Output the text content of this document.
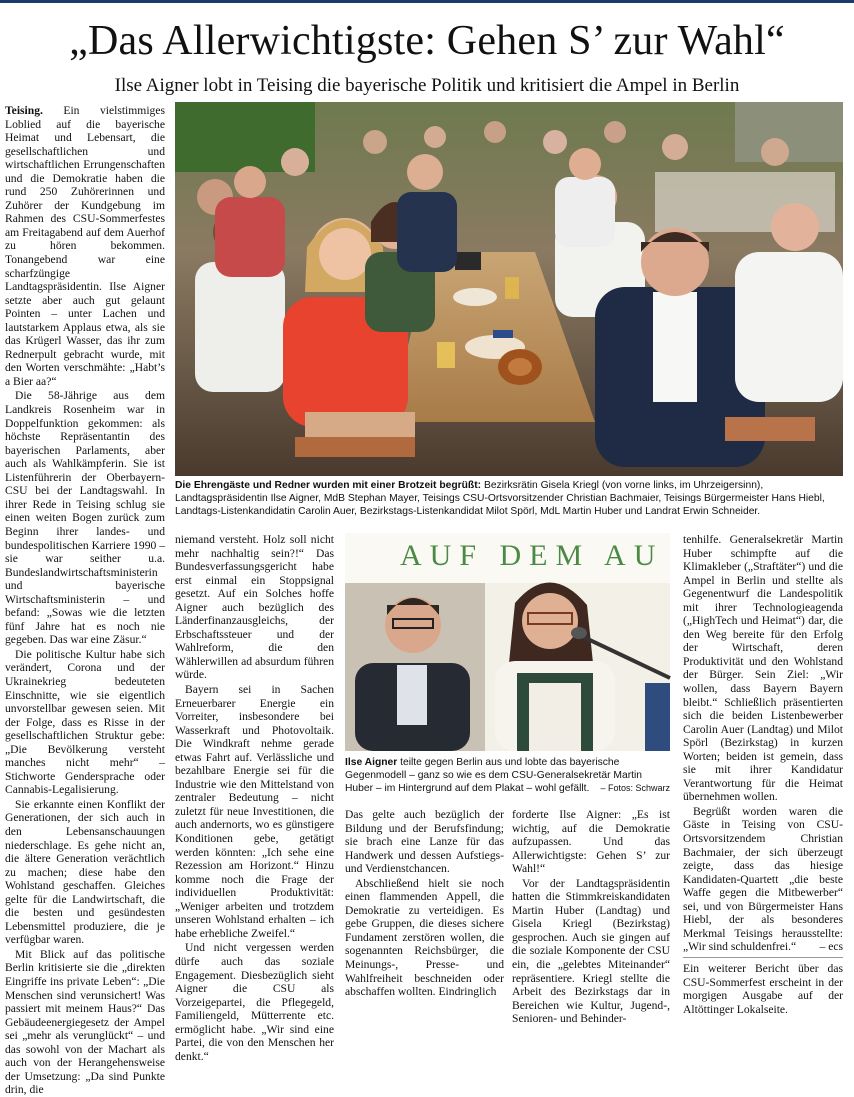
„Das Allerwichtigste: Gehen S’ zur Wahl“
Ilse Aigner lobt in Teising die bayerische Politik und kritisiert die Ampel in Berlin

Teising. Ein vielstimmiges Loblied auf die bayerische Heimat und Lebensart, die gesellschaftlichen und wirtschaftlichen Errungenschaften und die Demokratie haben die rund 250 Zuhörerinnen und Zuhörer der Kundgebung im Rahmen des CSU-Sommerfestes am Freitagabend auf dem Auerhof zu hören bekommen. Tonangebend war eine scharfzüngige Landtagspräsidentin. Ilse Aigner setzte aber auch gut gelaunt Pointen – unter Lachen und lautstarkem Applaus etwa, als sie das Krügerl Wasser, das ihr zum Rednerpult gebracht wurde, mit den Worten verschmähte: „Habt’s a Bier aa?“

Die 58-Jährige aus dem Landkreis Rosenheim war in Doppelfunktion gekommen: als höchste Repräsentantin des bayerischen Parlaments, aber auch als Wahlkämpferin. Sie ist Listenführerin der Oberbayern-CSU bei der Landtagswahl. In ihrer Rede in Teising schlug sie einen weiten Bogen zurück zum Beginn ihrer landes- und bundespolitischen Karriere 1990 – sie war seither u.a. Bundeslandwirtschaftsministerin und bayerische Wirtschaftsministerin – und befand: „Sowas wie die letzten fünf Jahre hat es noch nie gegeben. Das war eine Zäsur.“

Die politische Kultur habe sich verändert, Corona und der Ukrainekrieg bedeuteten Einschnitte, wie sie eigentlich unvorstellbar gewesen seien. Mit der Folge, dass es Risse in der gesellschaftlichen Struktur gebe: „Die Bevölkerung versteht manches nicht mehr“ – Stichworte Gendersprache oder Cannabis-Legalisierung.

Sie erkannte einen Konflikt der Generationen, der sich auch in den Lebensanschauungen niederschlage. Es gehe nicht an, die ältere Generation verächtlich zu machen; diese habe den Wohlstand geschaffen. Gleiches gelte für die Landwirtschaft, die die besten und gesündesten Lebensmittel produziere, die je verfügbar waren.

Mit Blick auf das politische Berlin kritisierte sie die „direkten Eingriffe ins private Leben“: „Die Menschen sind verunsichert! Was passiert mit meinem Haus?“ Das Gebäudeenergiegesetz der Ampel sei „mehr als verunglückt“ – und das sowohl von der Machart als auch von der Herangehensweise der Umsetzung: „Da sind Punkte drin, die

Die Ehrengäste und Redner wurden mit einer Brotzeit begrüßt: Bezirksrätin Gisela Kriegl (von vorne links, im Uhrzeigersinn), Landtagspräsidentin Ilse Aigner, MdB Stephan Mayer, Teisings CSU-Ortsvorsitzender Christian Bachmaier, Teisings Bürgermeister Hans Hiebl, Landtags-Listenkandidatin Carolin Auer, Bezirkstags-Listenkandidat Milot Spörl, MdL Martin Huber und Landrat Erwin Schneider.

niemand versteht. Holz soll nicht mehr nachhaltig sein?!“ Das Bundesverfassungsgericht habe erst einmal ein Stoppsignal gesetzt. Auf ein Solches hoffe Aigner auch bezüglich des Länderfinanzausgleichs, der Erbschaftssteuer und der Wahlreform, die den Wählerwillen ad absurdum führen würde.

Bayern sei in Sachen Erneuerbarer Energie ein Vorreiter, insbesondere bei Wasserkraft und Photovoltaik. Die Windkraft nehme gerade etwas Fahrt auf. Verlässliche und bezahlbare Energie sei für die Industrie wie den Mittelstand von zentraler Bedeutung – nicht zuletzt für neue Investitionen, die auch andernorts, wo es günstigere Konditionen gebe, getätigt werden könnten: „Ich sehe eine Rezession am Horizont.“ Hinzu komme noch die Frage der individuellen Produktivität: „Weniger arbeiten und trotzdem unseren Wohlstand erhalten – ich habe erhebliche Zweifel.“

Und nicht vergessen werden dürfe auch das soziale Engagement. Diesbezüglich sieht Aigner die CSU als Vorzeigepartei, die Pflegegeld, Familiengeld, Mütterrente etc. ermöglicht habe. „Wir sind eine Partei, die von den Menschen her denkt.“

AUF DEM AU
Ilse Aigner teilte gegen Berlin aus und lobte das bayerische Gegenmodell – ganz so wie es dem CSU-Generalsekretär Martin Huber – im Hintergrund auf dem Plakat – wohl gefällt. – Fotos: Schwarz

Das gelte auch bezüglich der Bildung und der Berufsfindung; sie brach eine Lanze für das Handwerk und dessen Aufstiegs- und Verdienstchancen.

Abschließend hielt sie noch einen flammenden Appell, die Demokratie zu verteidigen. Es gebe Gruppen, die dieses sichere Fundament zerstören wollen, die sogenannten Reichsbürger, die Meinungs-, Presse- und Wahlfreiheit beschneiden oder abschaffen wollten. Eindringlich

forderte Ilse Aigner: „Es ist wichtig, auf die Demokratie aufzupassen. Und das Allerwichtigste: Gehen S’ zur Wahl!“

Vor der Landtagspräsidentin hatten die Stimmkreiskandidaten Martin Huber (Landtag) und Gisela Kriegl (Bezirkstag) gesprochen. Auch sie gingen auf die soziale Komponente der CSU ein, die „gelebtes Miteinander“ repräsentiere. Kriegl stellte die Arbeit des Bezirkstags dar in Bereichen wie Kultur, Jugend-, Senioren- und Behinder-

tenhilfe. Generalsekretär Martin Huber schimpfte auf die Klimakleber („Straftäter“) und die Ampel in Berlin und stellte als Gegenentwurf die Landespolitik mit ihrer Technologieagenda („HighTech und Heimat“) dar, die den Weg bereite für den Erfolg der Wirtschaft, deren Produktivität und den Wohlstand der Bürger. Sein Ziel: „Wir wollen, dass Bayern Bayern bleibt.“ Schließlich präsentierten sich die beiden Listenbewerber Carolin Auer (Landtag) und Milot Spörl (Bezirkstag) in kurzen Worten; beiden ist gemein, dass sie mit ihrer Kandidatur Verantwortung für die Heimat übernehmen wollen.

Begrüßt worden waren die Gäste in Teising von CSU-Ortsvorsitzendem Christian Bachmaier, der sich überzeugt zeigte, dass das hiesige Kandidaten-Quartett „die beste Waffe gegen die Mitbewerber“ sei, und von Bürgermeister Hans Hiebl, der als besonderes Merkmal Teisings herausstellte: „Wir sind schuldenfrei.“	– ecs

Ein weiterer Bericht über das CSU-Sommerfest erscheint in der morgigen Ausgabe auf der Altöttinger Lokalseite.
